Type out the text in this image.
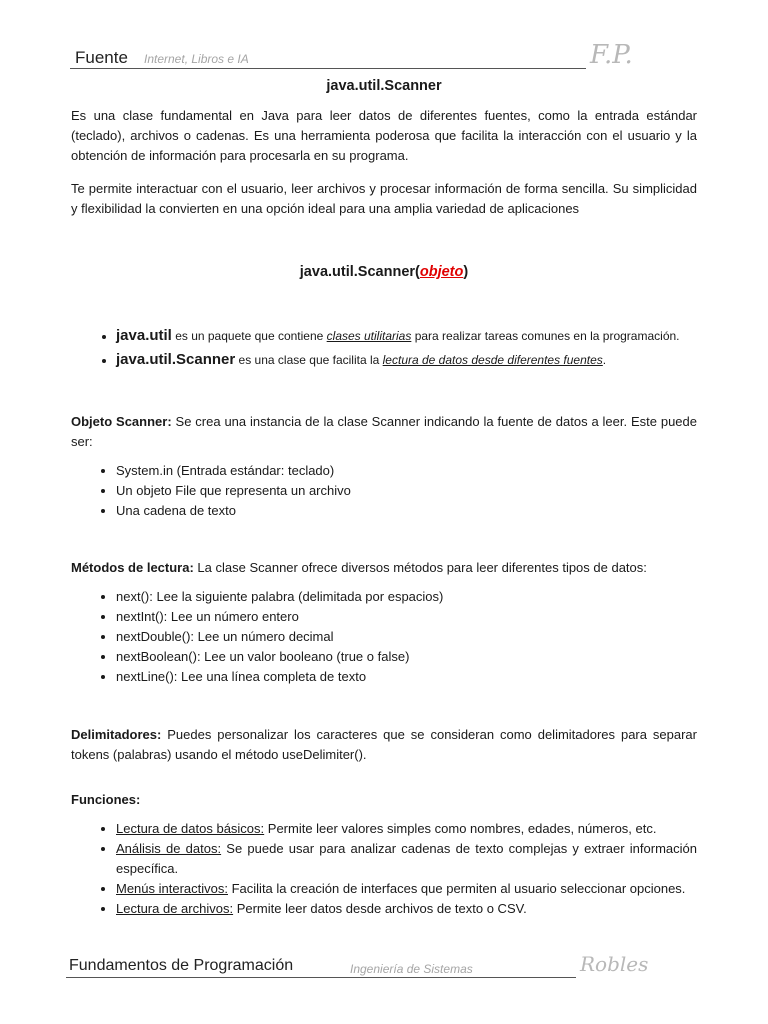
Fuente Internet, Libros e IA	F.P.

java.util.Scanner

Es una clase fundamental en Java para leer datos de diferentes fuentes, como la entrada estándar (teclado), archivos o cadenas. Es una herramienta poderosa que facilita la interacción con el usuario y la obtención de información para procesarla en su programa.

Te permite interactuar con el usuario, leer archivos y procesar información de forma sencilla. Su simplicidad y flexibilidad la convierten en una opción ideal para una amplia variedad de aplicaciones

java.util.Scanner(objeto)

• java.util es un paquete que contiene clases utilitarias para realizar tareas comunes en la programación.
• java.util.Scanner es una clase que facilita la lectura de datos desde diferentes fuentes.

Objeto Scanner: Se crea una instancia de la clase Scanner indicando la fuente de datos a leer. Este puede ser:

• System.in (Entrada estándar: teclado)
• Un objeto File que representa un archivo
• Una cadena de texto

Métodos de lectura: La clase Scanner ofrece diversos métodos para leer diferentes tipos de datos:

• next(): Lee la siguiente palabra (delimitada por espacios)
• nextInt(): Lee un número entero
• nextDouble(): Lee un número decimal
• nextBoolean(): Lee un valor booleano (true o false)
• nextLine(): Lee una línea completa de texto

Delimitadores: Puedes personalizar los caracteres que se consideran como delimitadores para separar tokens (palabras) usando el método useDelimiter().

Funciones:

• Lectura de datos básicos: Permite leer valores simples como nombres, edades, números, etc.
• Análisis de datos: Se puede usar para analizar cadenas de texto complejas y extraer información específica.
• Menús interactivos: Facilita la creación de interfaces que permiten al usuario seleccionar opciones.
• Lectura de archivos: Permite leer datos desde archivos de texto o CSV.
Fundamentos de Programación	Ingeniería de Sistemas	Robles
